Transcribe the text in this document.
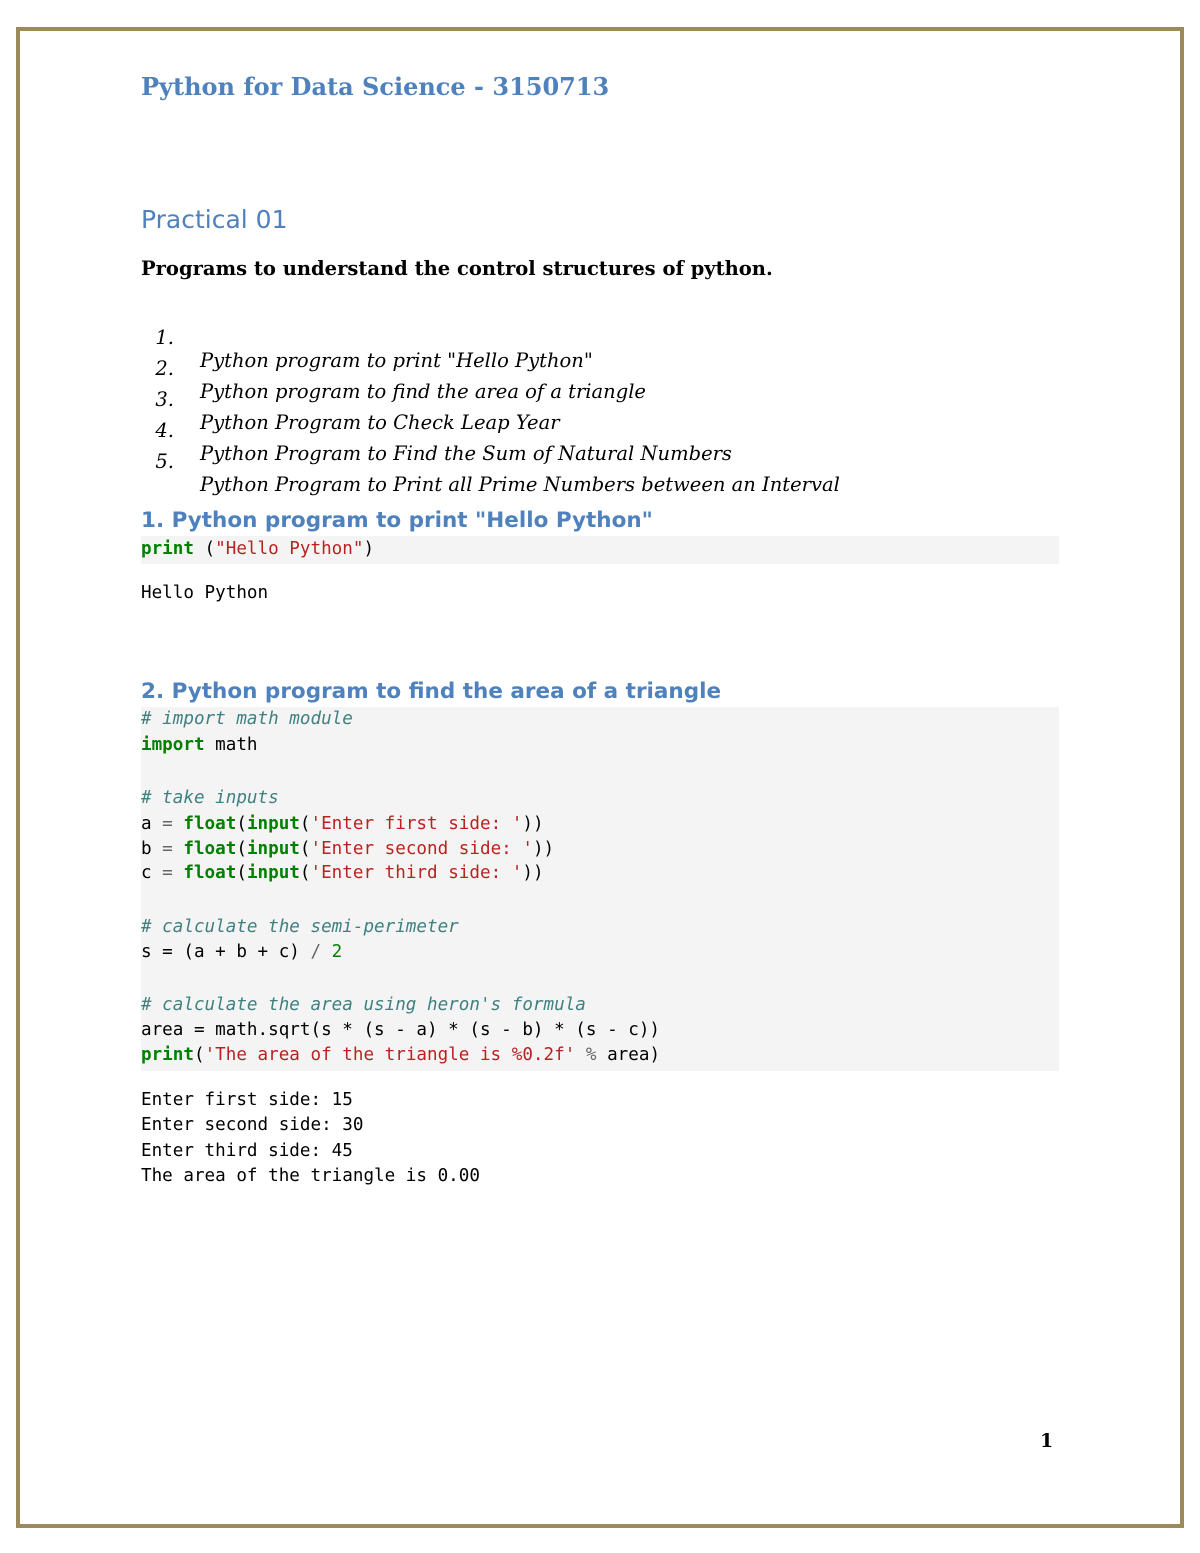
Python for Data Science - 3150713
Practical 01
Programs to understand the control structures of python.

1.

Python program to print "Hello Python"

2.

Python program to find the area of a triangle

3.

Python Program to Check Leap Year

4.

Python Program to Find the Sum of Natural Numbers

5.

Python Program to Print all Prime Numbers between an Interval

1. Python program to print "Hello Python"
print ("Hello Python")
Hello Python
2. Python program to find the area of a triangle
# import math module
import math
# take inputs
a = float(input('Enter first side: '))
b = float(input('Enter second side: '))
c = float(input('Enter third side: '))
# calculate the semi-perimeter
s = (a + b + c) / 2
# calculate the area using heron's formula
area = math.sqrt(s * (s - a) * (s - b) * (s - c))
print('The area of the triangle is %0.2f' % area)
Enter first side: 15
Enter second side: 30
Enter third side: 45
The area of the triangle is 0.00
1
